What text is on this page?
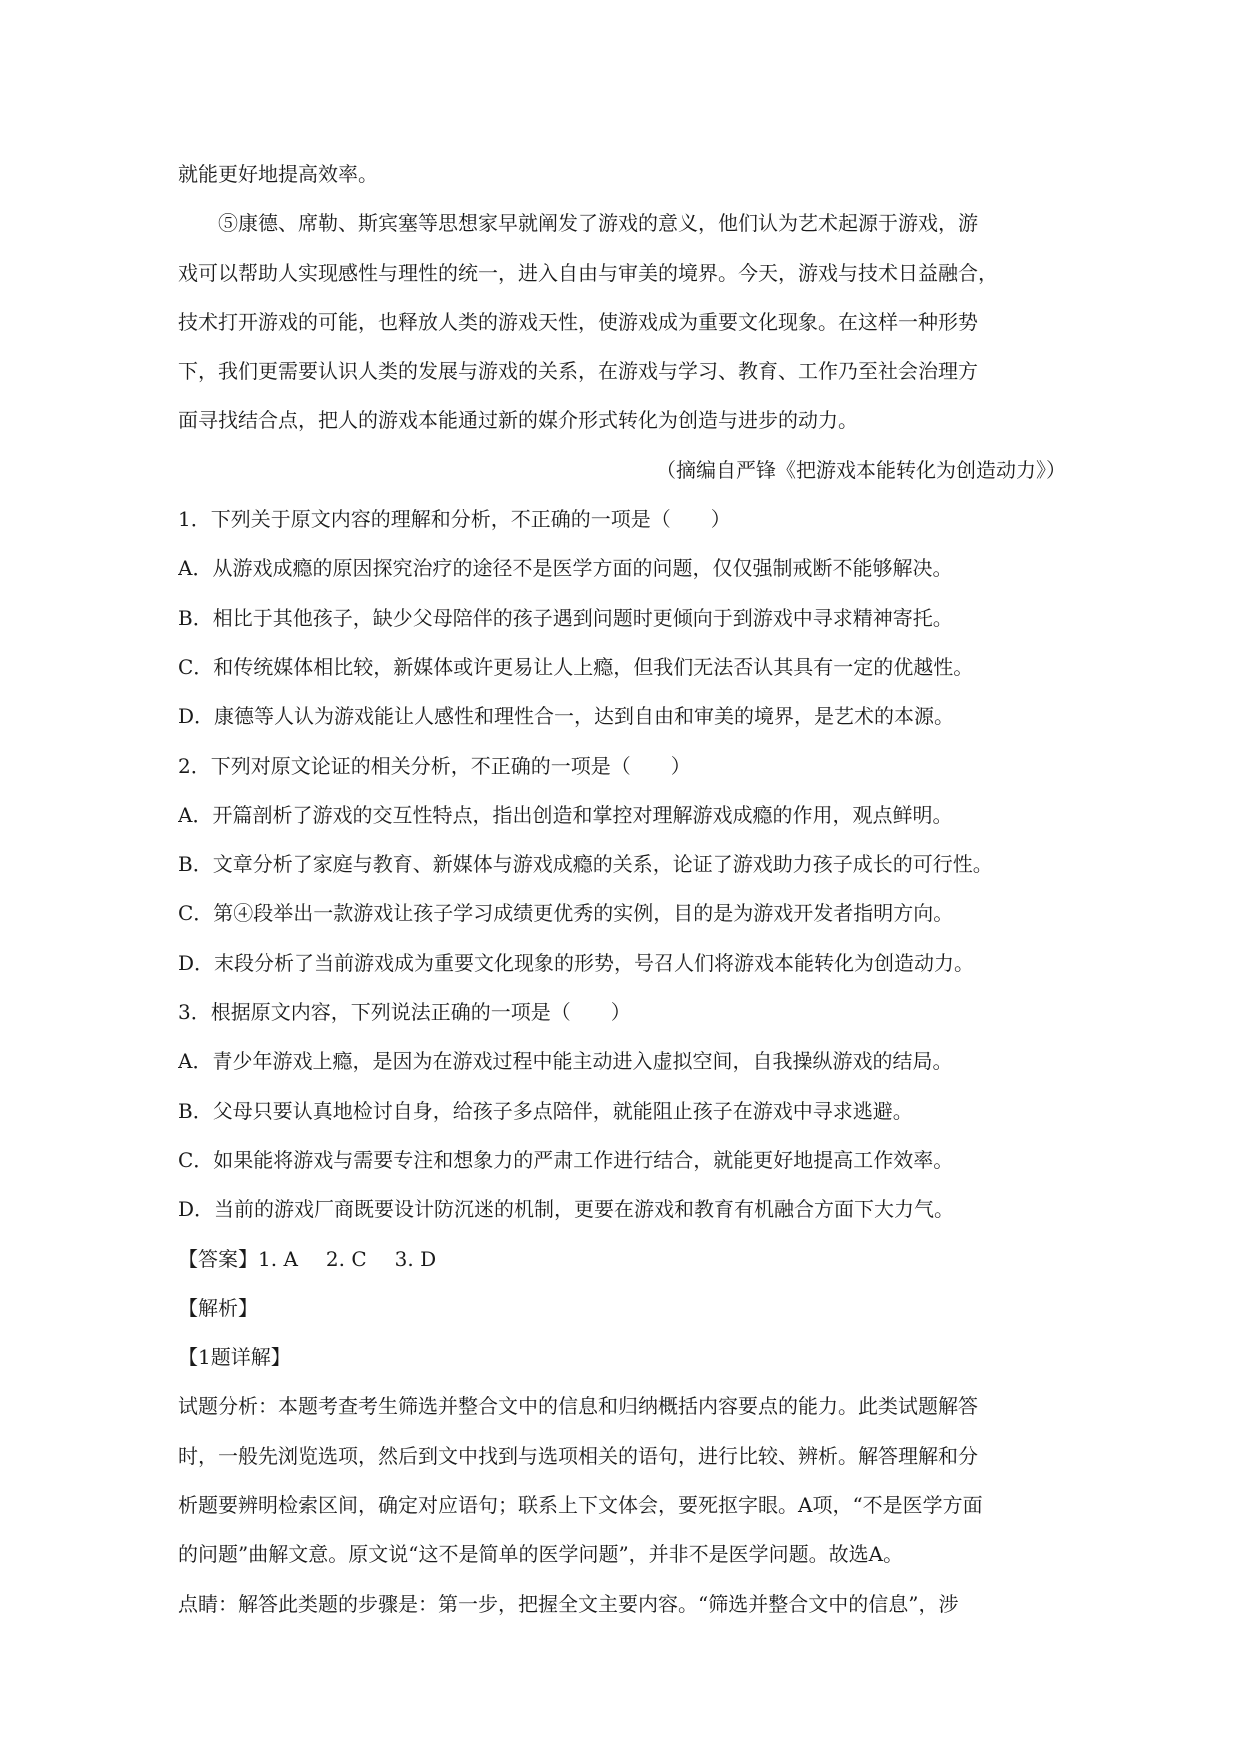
就能更好地提高效率。
⑤康德、席勒、斯宾塞等思想家早就阐发了游戏的意义，他们认为艺术起源于游戏，游
戏可以帮助人实现感性与理性的统一，进入自由与审美的境界。今天，游戏与技术日益融合，
技术打开游戏的可能，也释放人类的游戏天性，使游戏成为重要文化现象。在这样一种形势
下，我们更需要认识人类的发展与游戏的关系，在游戏与学习、教育、工作乃至社会治理方
面寻找结合点，把人的游戏本能通过新的媒介形式转化为创造与进步的动力。
（摘编自严锋《把游戏本能转化为创造动力》）
1．下列关于原文内容的理解和分析，不正确的一项是（　　）
A．从游戏成瘾的原因探究治疗的途径不是医学方面的问题，仅仅强制戒断不能够解决。
B．相比于其他孩子，缺少父母陪伴的孩子遇到问题时更倾向于到游戏中寻求精神寄托。
C．和传统媒体相比较，新媒体或许更易让人上瘾，但我们无法否认其具有一定的优越性。
D．康德等人认为游戏能让人感性和理性合一，达到自由和审美的境界，是艺术的本源。
2．下列对原文论证的相关分析，不正确的一项是（　　）
A．开篇剖析了游戏的交互性特点，指出创造和掌控对理解游戏成瘾的作用，观点鲜明。
B．文章分析了家庭与教育、新媒体与游戏成瘾的关系，论证了游戏助力孩子成长的可行性。
C．第④段举出一款游戏让孩子学习成绩更优秀的实例，目的是为游戏开发者指明方向。
D．末段分析了当前游戏成为重要文化现象的形势，号召人们将游戏本能转化为创造动力。
3．根据原文内容，下列说法正确的一项是（　　）
A．青少年游戏上瘾，是因为在游戏过程中能主动进入虚拟空间，自我操纵游戏的结局。
B．父母只要认真地检讨自身，给孩子多点陪伴，就能阻止孩子在游戏中寻求逃避。
C．如果能将游戏与需要专注和想象力的严肃工作进行结合，就能更好地提高工作效率。
D．当前的游戏厂商既要设计防沉迷的机制，更要在游戏和教育有机融合方面下大力气。
【答案】1. A 2. C 3. D
【解析】
【1题详解】
试题分析：本题考查考生筛选并整合文中的信息和归纳概括内容要点的能力。此类试题解答
时，一般先浏览选项，然后到文中找到与选项相关的语句，进行比较、辨析。解答理解和分
析题要辨明检索区间，确定对应语句；联系上下文体会，要死抠字眼。A项，“不是医学方面
的问题”曲解文意。原文说“这不是简单的医学问题”，并非不是医学问题。故选A。
点睛：解答此类题的步骤是：第一步，把握全文主要内容。“筛选并整合文中的信息”，涉
